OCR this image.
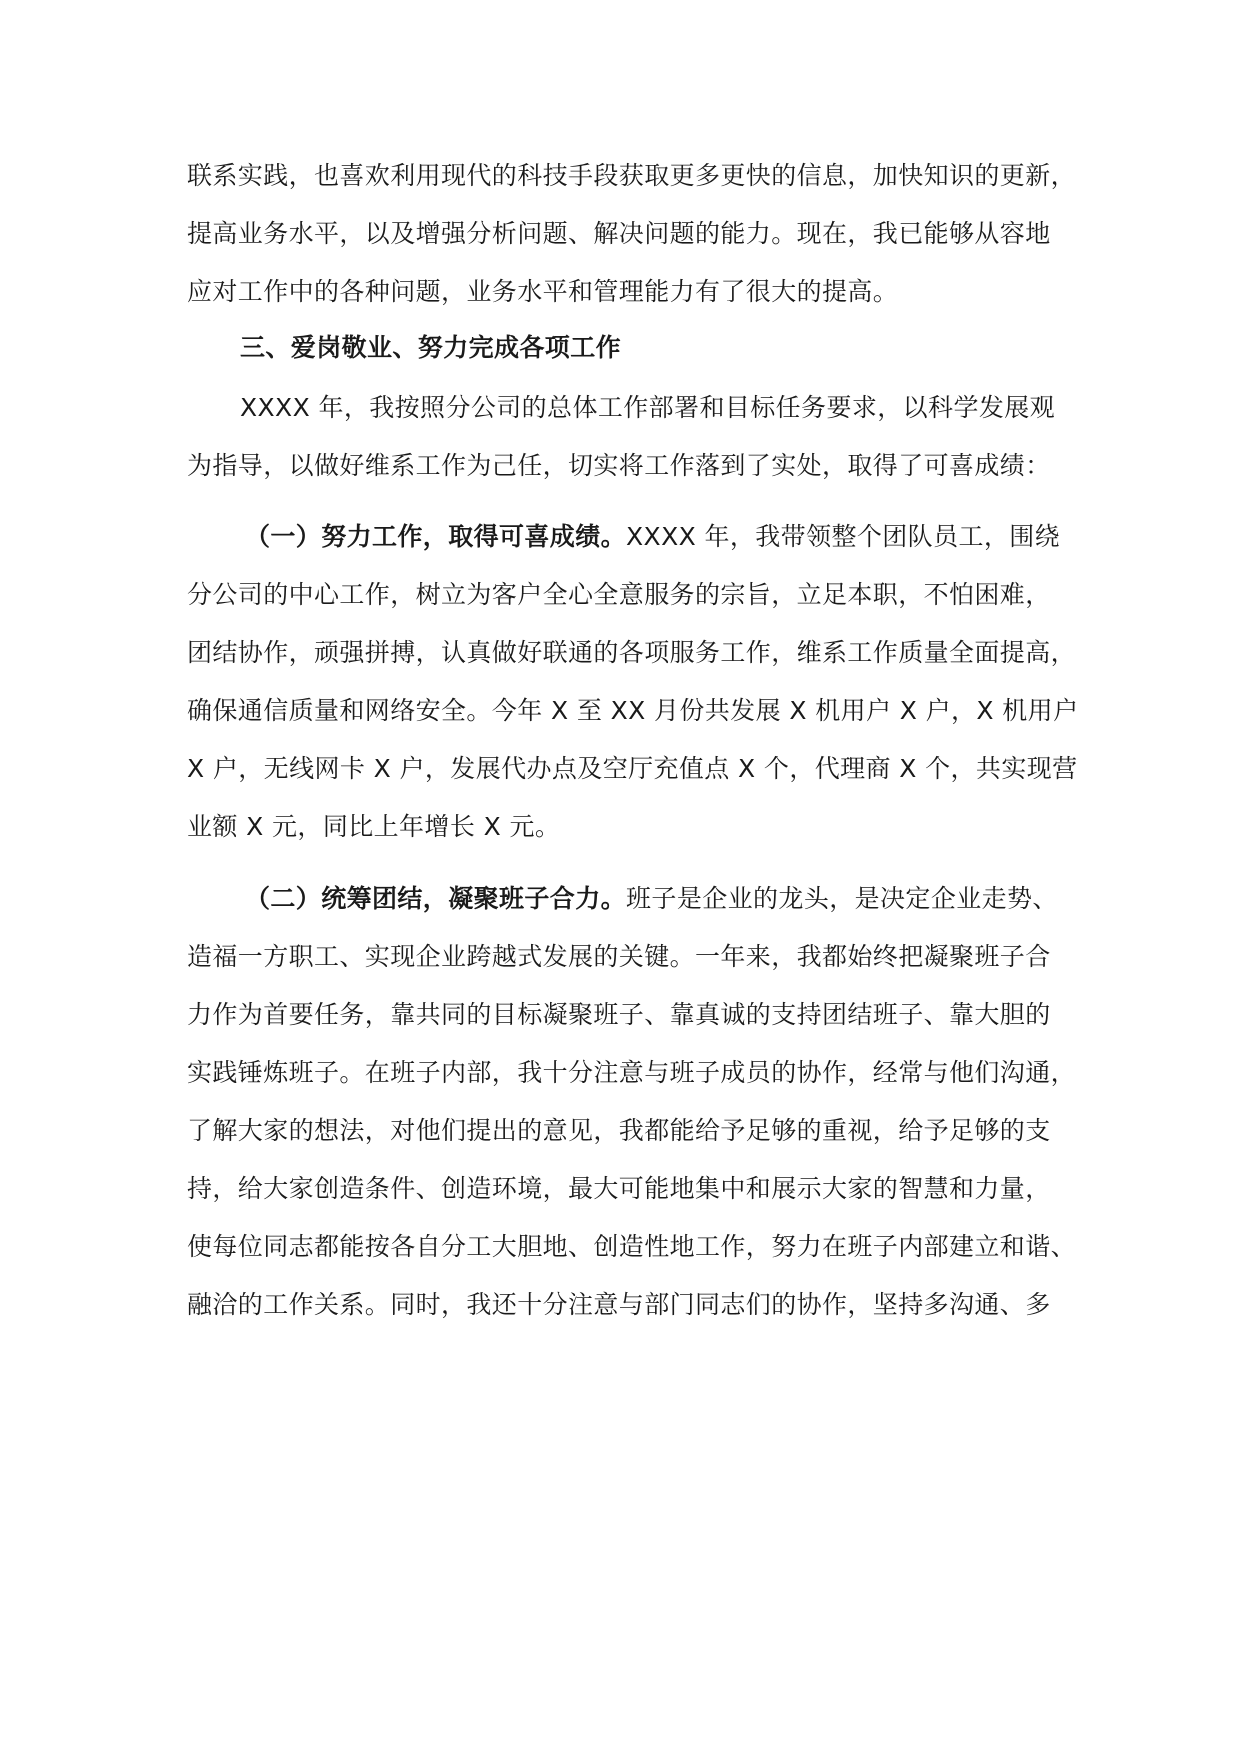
联系实践，也喜欢利用现代的科技手段获取更多更快的信息，加快知识的更新，
提高业务水平，以及增强分析问题、解决问题的能力。现在，我已能够从容地
应对工作中的各种问题，业务水平和管理能力有了很大的提高。
三、爱岗敬业、努力完成各项工作
XXXX 年，我按照分公司的总体工作部署和目标任务要求，以科学发展观
为指导，以做好维系工作为己任，切实将工作落到了实处，取得了可喜成绩：
（一）努力工作，取得可喜成绩。XXXX 年，我带领整个团队员工，围绕
分公司的中心工作，树立为客户全心全意服务的宗旨，立足本职，不怕困难，
团结协作，顽强拼搏，认真做好联通的各项服务工作，维系工作质量全面提高，
确保通信质量和网络安全。今年 X 至 XX 月份共发展 X 机用户 X 户，X 机用户
X 户，无线网卡 X 户，发展代办点及空厅充值点 X 个，代理商 X 个，共实现营
业额 X 元，同比上年增长 X 元。
（二）统筹团结，凝聚班子合力。班子是企业的龙头，是决定企业走势、
造福一方职工、实现企业跨越式发展的关键。一年来，我都始终把凝聚班子合
力作为首要任务，靠共同的目标凝聚班子、靠真诚的支持团结班子、靠大胆的
实践锤炼班子。在班子内部，我十分注意与班子成员的协作，经常与他们沟通，
了解大家的想法，对他们提出的意见，我都能给予足够的重视，给予足够的支
持，给大家创造条件、创造环境，最大可能地集中和展示大家的智慧和力量，
使每位同志都能按各自分工大胆地、创造性地工作，努力在班子内部建立和谐、
融洽的工作关系。同时，我还十分注意与部门同志们的协作，坚持多沟通、多
